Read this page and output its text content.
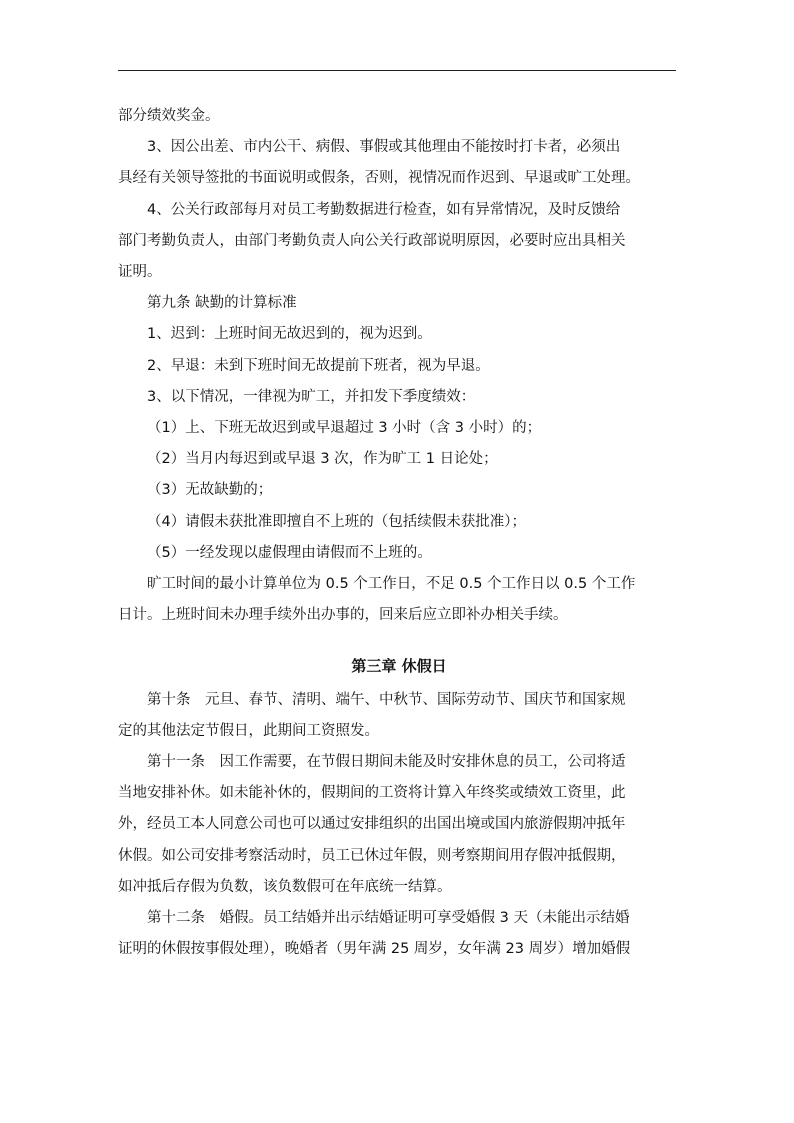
部分绩效奖金。

3、因公出差、市内公干、病假、事假或其他理由不能按时打卡者，必须出

具经有关领导签批的书面说明或假条，否则，视情况而作迟到、早退或旷工处理。

4、公关行政部每月对员工考勤数据进行检查，如有异常情况，及时反馈给

部门考勤负责人，由部门考勤负责人向公关行政部说明原因，必要时应出具相关

证明。

第九条 缺勤的计算标准

1、迟到：上班时间无故迟到的，视为迟到。

2、早退：未到下班时间无故提前下班者，视为早退。

3、以下情况，一律视为旷工，并扣发下季度绩效：

（1）上、下班无故迟到或早退超过 3 小时（含 3 小时）的；

（2）当月内每迟到或早退 3 次，作为旷工 1 日论处；

（3）无故缺勤的；

（4）请假未获批准即擅自不上班的（包括续假未获批准）；

（5）一经发现以虚假理由请假而不上班的。

旷工时间的最小计算单位为 0.5 个工作日，不足 0.5 个工作日以 0.5 个工作

日计。上班时间未办理手续外出办事的，回来后应立即补办相关手续。

第三章 休假日

第十条　元旦、春节、清明、端午、中秋节、国际劳动节、国庆节和国家规

定的其他法定节假日，此期间工资照发。

第十一条　因工作需要，在节假日期间未能及时安排休息的员工，公司将适

当地安排补休。如未能补休的，假期间的工资将计算入年终奖或绩效工资里，此

外，经员工本人同意公司也可以通过安排组织的出国出境或国内旅游假期冲抵年

休假。如公司安排考察活动时，员工已休过年假，则考察期间用存假冲抵假期，

如冲抵后存假为负数，该负数假可在年底统一结算。

第十二条　婚假。员工结婚并出示结婚证明可享受婚假 3 天（未能出示结婚

证明的休假按事假处理），晚婚者（男年满 25 周岁，女年满 23 周岁）增加婚假
